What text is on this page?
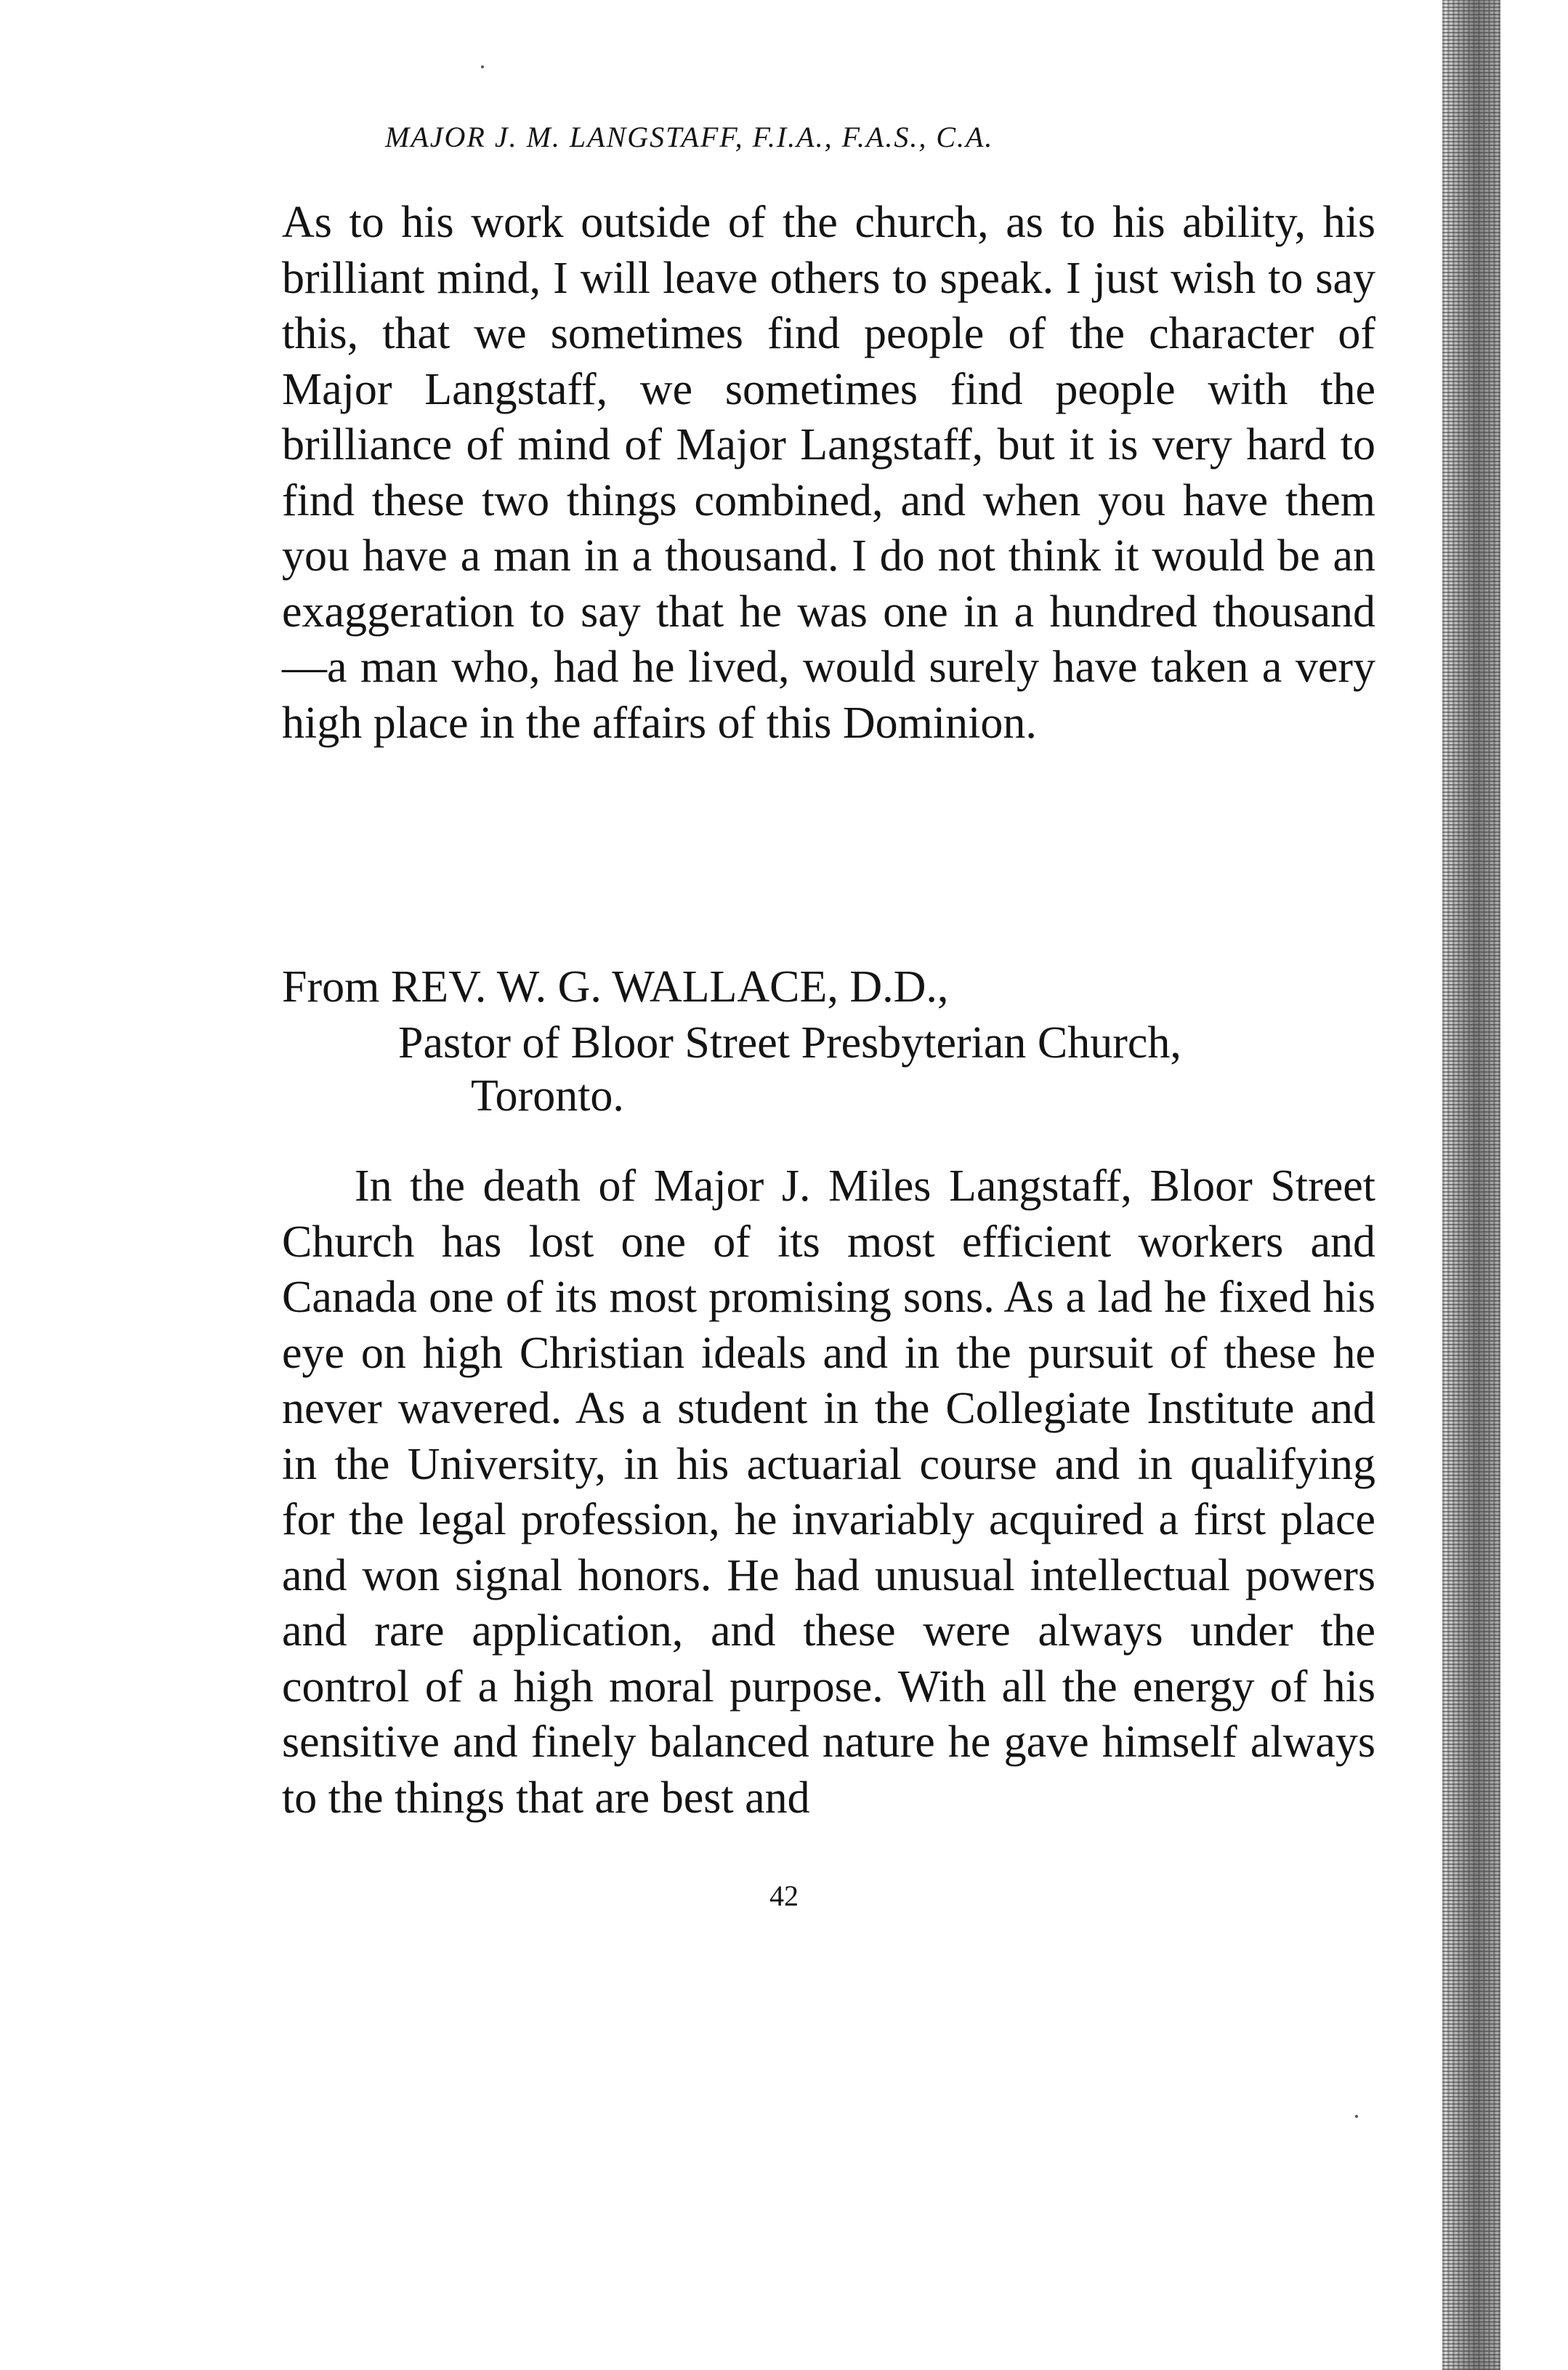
MAJOR J. M. LANGSTAFF, F.I.A., F.A.S., C.A.
As to his work outside of the church, as to his ability, his brilliant mind, I will leave others to speak. I just wish to say this, that we sometimes find people of the character of Major Langstaff, we sometimes find people with the brilliance of mind of Major Langstaff, but it is very hard to find these two things combined, and when you have them you have a man in a thousand. I do not think it would be an exaggeration to say that he was one in a hundred thousand—a man who, had he lived, would surely have taken a very high place in the affairs of this Dominion.
From REV. W. G. WALLACE, D.D.,
Pastor of Bloor Street Presbyterian Church,
Toronto.
In the death of Major J. Miles Langstaff, Bloor Street Church has lost one of its most efficient workers and Canada one of its most promising sons. As a lad he fixed his eye on high Christian ideals and in the pursuit of these he never wavered. As a student in the Collegiate Institute and in the University, in his actuarial course and in qualifying for the legal profession, he invariably acquired a first place and won signal honors. He had unusual intellectual powers and rare application, and these were always under the control of a high moral purpose. With all the energy of his sensitive and finely balanced nature he gave himself always to the things that are best and
42
